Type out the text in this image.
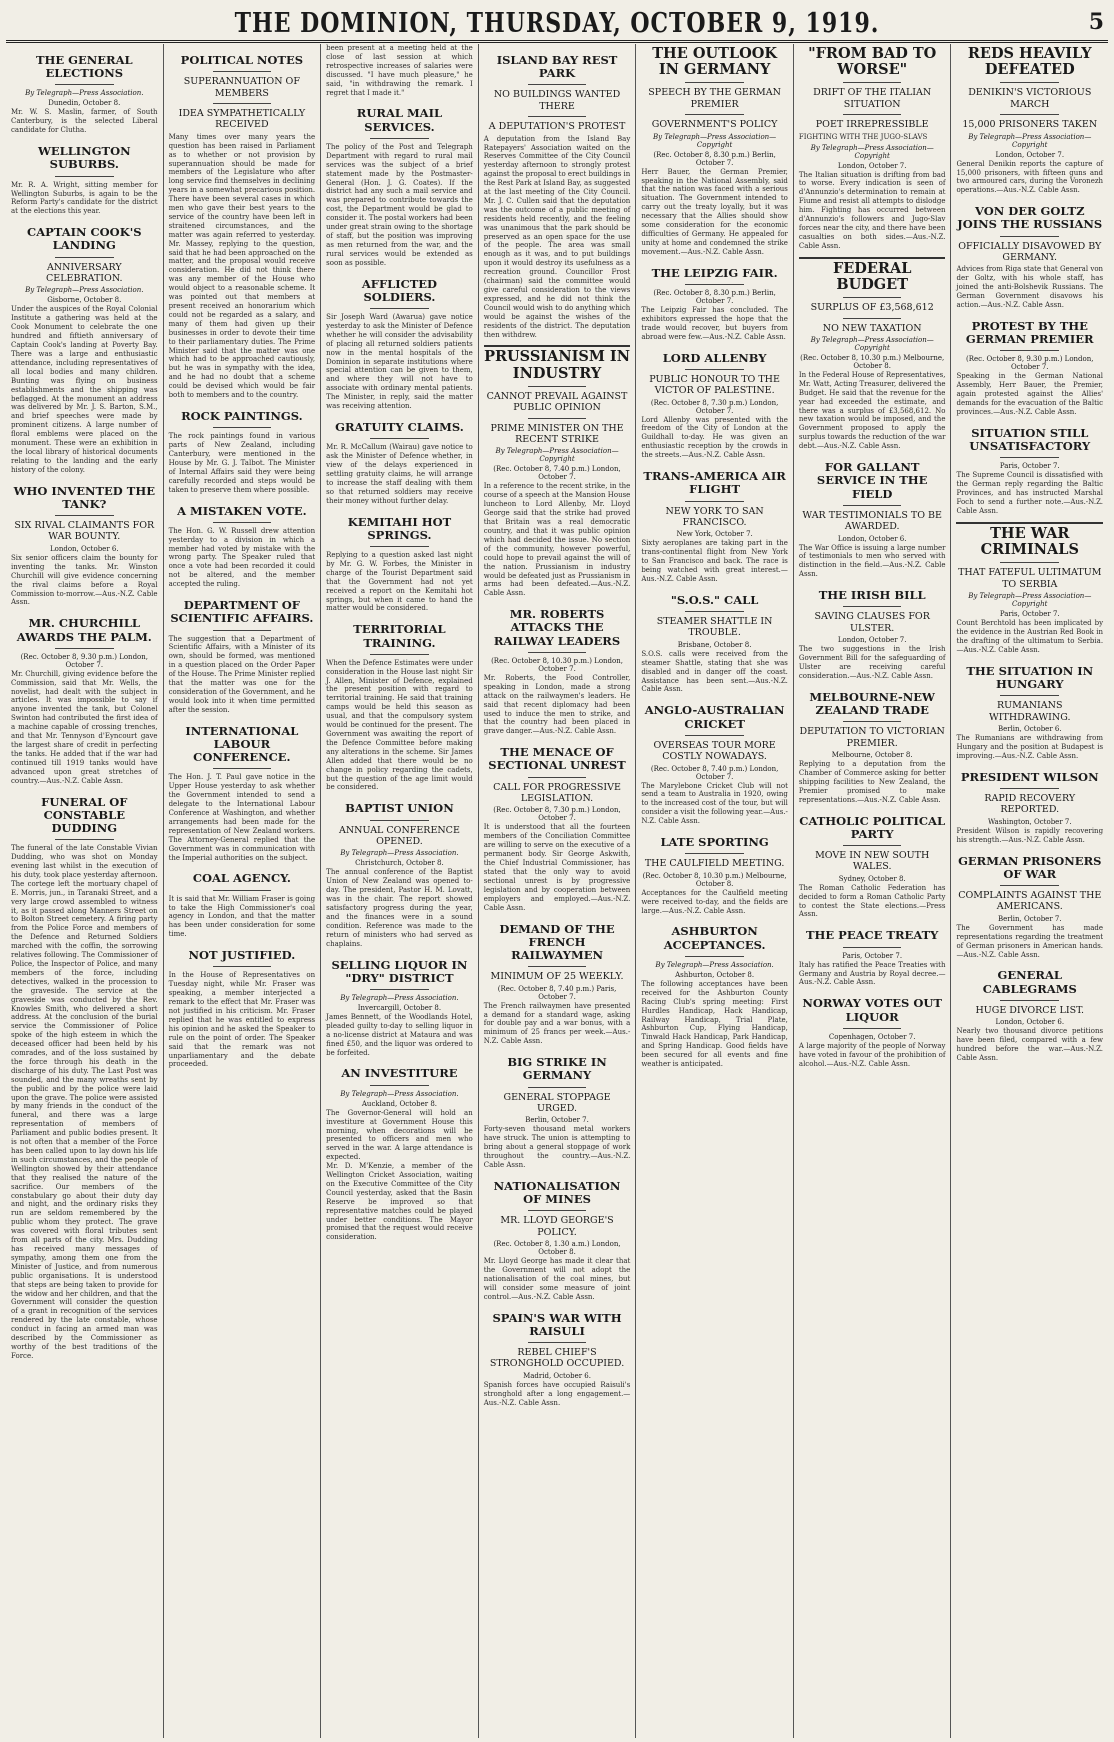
THE DOMINION, THURSDAY, OCTOBER 9, 1919.	5
THE GENERAL ELECTIONS
By Telegraph—Press Association.
Dunedin, October 8.

Mr. W. S. Maslin, farmer, of South Canterbury, is the selected Liberal candidate for Clutha.

WELLINGTON SUBURBS.

Mr. R. A. Wright, sitting member for Wellington Suburbs, is again to be the Reform Party's candidate for the district at the elections this year.

CAPTAIN COOK'S LANDING
ANNIVERSARY CELEBRATION.
By Telegraph—Press Association.
Gisborne, October 8.

Under the auspices of the Royal Colonial Institute a gathering was held at the Cook Monument to celebrate the one hundred and fiftieth anniversary of Captain Cook's landing at Poverty Bay. There was a large and enthusiastic attendance, including representatives of all local bodies and many children. Bunting was flying on business establishments and the shipping was beflagged. At the monument an address was delivered by Mr. J. S. Barton, S.M., and brief speeches were made by prominent citizens. A large number of floral emblems were placed on the monument. These were an exhibition in the local library of historical documents relating to the landing and the early history of the colony.

WHO INVENTED THE TANK?
SIX RIVAL CLAIMANTS FOR WAR BOUNTY.
London, October 6.

Six senior officers claim the bounty for inventing the tanks. Mr. Winston Churchill will give evidence concerning the rival claims before a Royal Commission to-morrow.—Aus.-N.Z. Cable Assn.

MR. CHURCHILL AWARDS THE PALM.
(Rec. October 8, 9.30 p.m.) London, October 7.

Mr. Churchill, giving evidence before the Commission, said that Mr. Wells, the novelist, had dealt with the subject in articles. It was impossible to say if anyone invented the tank, but Colonel Swinton had contributed the first idea of a machine capable of crossing trenches, and that Mr. Tennyson d'Eyncourt gave the largest share of credit in perfecting the tanks. He added that if the war had continued till 1919 tanks would have advanced upon great stretches of country.—Aus.-N.Z. Cable Assn.

FUNERAL OF CONSTABLE DUDDING

The funeral of the late Constable Vivian Dudding, who was shot on Monday evening last whilst in the execution of his duty, took place yesterday afternoon. The cortege left the mortuary chapel of E. Morris, jun., in Taranaki Street, and a very large crowd assembled to witness it, as it passed along Manners Street on to Bolton Street cemetery. A firing party from the Police Force and members of the Defence and Returned Soldiers marched with the coffin, the sorrowing relatives following. The Commissioner of Police, the Inspector of Police, and many members of the force, including detectives, walked in the procession to the graveside. The service at the graveside was conducted by the Rev. Knowles Smith, who delivered a short address. At the conclusion of the burial service the Commissioner of Police spoke of the high esteem in which the deceased officer had been held by his comrades, and of the loss sustained by the force through his death in the discharge of his duty. The Last Post was sounded, and the many wreaths sent by the public and by the police were laid upon the grave. The police were assisted by many friends in the conduct of the funeral, and there was a large representation of members of Parliament and public bodies present. It is not often that a member of the Force has been called upon to lay down his life in such circumstances, and the people of Wellington showed by their attendance that they realised the nature of the sacrifice. Our members of the constabulary go about their duty day and night, and the ordinary risks they run are seldom remembered by the public whom they protect. The grave was covered with floral tributes sent from all parts of the city. Mrs. Dudding has received many messages of sympathy, among them one from the Minister of Justice, and from numerous public organisations. It is understood that steps are being taken to provide for the widow and her children, and that the Government will consider the question of a grant in recognition of the services rendered by the late constable, whose conduct in facing an armed man was described by the Commissioner as worthy of the best traditions of the Force.

POLITICAL NOTES
SUPERANNUATION OF MEMBERS
IDEA SYMPATHETICALLY RECEIVED

Many times over many years the question has been raised in Parliament as to whether or not provision by superannuation should be made for members of the Legislature who after long service find themselves in declining years in a somewhat precarious position. There have been several cases in which men who gave their best years to the service of the country have been left in straitened circumstances, and the matter was again referred to yesterday. Mr. Massey, replying to the question, said that he had been approached on the matter, and the proposal would receive consideration. He did not think there was any member of the House who would object to a reasonable scheme. It was pointed out that members at present received an honorarium which could not be regarded as a salary, and many of them had given up their businesses in order to devote their time to their parliamentary duties. The Prime Minister said that the matter was one which had to be approached cautiously, but he was in sympathy with the idea, and he had no doubt that a scheme could be devised which would be fair both to members and to the country.

ROCK PAINTINGS.

The rock paintings found in various parts of New Zealand, including Canterbury, were mentioned in the House by Mr. G. J. Talbot. The Minister of Internal Affairs said they were being carefully recorded and steps would be taken to preserve them where possible.

A MISTAKEN VOTE.

The Hon. G. W. Russell drew attention yesterday to a division in which a member had voted by mistake with the wrong party. The Speaker ruled that once a vote had been recorded it could not be altered, and the member accepted the ruling.

DEPARTMENT OF SCIENTIFIC AFFAIRS.

The suggestion that a Department of Scientific Affairs, with a Minister of its own, should be formed, was mentioned in a question placed on the Order Paper of the House. The Prime Minister replied that the matter was one for the consideration of the Government, and he would look into it when time permitted after the session.

INTERNATIONAL LABOUR CONFERENCE.

The Hon. J. T. Paul gave notice in the Upper House yesterday to ask whether the Government intended to send a delegate to the International Labour Conference at Washington, and whether arrangements had been made for the representation of New Zealand workers. The Attorney-General replied that the Government was in communication with the Imperial authorities on the subject.

COAL AGENCY.

It is said that Mr. William Fraser is going to take the High Commissioner's coal agency in London, and that the matter has been under consideration for some time.

NOT JUSTIFIED.

In the House of Representatives on Tuesday night, while Mr. Fraser was speaking, a member interjected a remark to the effect that Mr. Fraser was not justified in his criticism. Mr. Fraser replied that he was entitled to express his opinion and he asked the Speaker to rule on the point of order. The Speaker said that the remark was not unparliamentary and the debate proceeded.

been present at a meeting held at the close of last session at which retrospective increases of salaries were discussed. "I have much pleasure," he said, "in withdrawing the remark. I regret that I made it."

RURAL MAIL SERVICES.

The policy of the Post and Telegraph Department with regard to rural mail services was the subject of a brief statement made by the Postmaster-General (Hon. J. G. Coates). If the district had any such a mail service and was prepared to contribute towards the cost, the Department would be glad to consider it. The postal workers had been under great strain owing to the shortage of staff, but the position was improving as men returned from the war, and the rural services would be extended as soon as possible.

AFFLICTED SOLDIERS.

Sir Joseph Ward (Awarua) gave notice yesterday to ask the Minister of Defence whether he will consider the advisability of placing all returned soldiers patients now in the mental hospitals of the Dominion in separate institutions where special attention can be given to them, and where they will not have to associate with ordinary mental patients. The Minister, in reply, said the matter was receiving attention.

GRATUITY CLAIMS.

Mr. R. McCallum (Wairau) gave notice to ask the Minister of Defence whether, in view of the delays experienced in settling gratuity claims, he will arrange to increase the staff dealing with them so that returned soldiers may receive their money without further delay.

KEMITAHI HOT SPRINGS.

Replying to a question asked last night by Mr. G. W. Forbes, the Minister in charge of the Tourist Department said that the Government had not yet received a report on the Kemitahi hot springs, but when it came to hand the matter would be considered.

TERRITORIAL TRAINING.

When the Defence Estimates were under consideration in the House last night Sir J. Allen, Minister of Defence, explained the present position with regard to territorial training. He said that training camps would be held this season as usual, and that the compulsory system would be continued for the present. The Government was awaiting the report of the Defence Committee before making any alterations in the scheme. Sir James Allen added that there would be no change in policy regarding the cadets, but the question of the age limit would be considered.

BAPTIST UNION
ANNUAL CONFERENCE OPENED.
By Telegraph—Press Association.
Christchurch, October 8.

The annual conference of the Baptist Union of New Zealand was opened to-day. The president, Pastor H. M. Lovatt, was in the chair. The report showed satisfactory progress during the year, and the finances were in a sound condition. Reference was made to the return of ministers who had served as chaplains.

SELLING LIQUOR IN "DRY" DISTRICT
By Telegraph—Press Association.
Invercargill, October 8.

James Bennett, of the Woodlands Hotel, pleaded guilty to-day to selling liquor in a no-license district at Mataura and was fined £50, and the liquor was ordered to be forfeited.

AN INVESTITURE
By Telegraph—Press Association.
Auckland, October 8.

The Governor-General will hold an investiture at Government House this morning, when decorations will be presented to officers and men who served in the war. A large attendance is expected.

Mr. D. M'Kenzie, a member of the Wellington Cricket Association, waiting on the Executive Committee of the City Council yesterday, asked that the Basin Reserve be improved so that representative matches could be played under better conditions. The Mayor promised that the request would receive consideration.

ISLAND BAY REST PARK
NO BUILDINGS WANTED THERE
A DEPUTATION'S PROTEST

A deputation from the Island Bay Ratepayers' Association waited on the Reserves Committee of the City Council yesterday afternoon to strongly protest against the proposal to erect buildings in the Rest Park at Island Bay, as suggested at the last meeting of the City Council. Mr. J. C. Cullen said that the deputation was the outcome of a public meeting of residents held recently, and the feeling was unanimous that the park should be preserved as an open space for the use of the people. The area was small enough as it was, and to put buildings upon it would destroy its usefulness as a recreation ground. Councillor Frost (chairman) said the committee would give careful consideration to the views expressed, and he did not think the Council would wish to do anything which would be against the wishes of the residents of the district. The deputation then withdrew.

PRUSSIANISM IN INDUSTRY
CANNOT PREVAIL AGAINST PUBLIC OPINION
PRIME MINISTER ON THE RECENT STRIKE
By Telegraph—Press Association—Copyright
(Rec. October 8, 7.40 p.m.) London, October 7.

In a reference to the recent strike, in the course of a speech at the Mansion House luncheon to Lord Allenby, Mr. Lloyd George said that the strike had proved that Britain was a real democratic country, and that it was public opinion which had decided the issue. No section of the community, however powerful, could hope to prevail against the will of the nation. Prussianism in industry would be defeated just as Prussianism in arms had been defeated.—Aus.-N.Z. Cable Assn.

MR. ROBERTS ATTACKS THE RAILWAY LEADERS
(Rec. October 8, 10.30 p.m.) London, October 7.

Mr. Roberts, the Food Controller, speaking in London, made a strong attack on the railwaymen's leaders. He said that recent diplomacy had been used to induce the men to strike, and that the country had been placed in grave danger.—Aus.-N.Z. Cable Assn.

THE MENACE OF SECTIONAL UNREST
CALL FOR PROGRESSIVE LEGISLATION.
(Rec. October 8, 7.30 p.m.) London, October 7.

It is understood that all the fourteen members of the Conciliation Committee are willing to serve on the executive of a permanent body. Sir George Askwith, the Chief Industrial Commissioner, has stated that the only way to avoid sectional unrest is by progressive legislation and by cooperation between employers and employed.—Aus.-N.Z. Cable Assn.

DEMAND OF THE FRENCH RAILWAYMEN
MINIMUM OF 25 WEEKLY.
(Rec. October 8, 7.40 p.m.) Paris, October 7.

The French railwaymen have presented a demand for a standard wage, asking for double pay and a war bonus, with a minimum of 25 francs per week.—Aus.-N.Z. Cable Assn.

BIG STRIKE IN GERMANY
GENERAL STOPPAGE URGED.
Berlin, October 7.

Forty-seven thousand metal workers have struck. The union is attempting to bring about a general stoppage of work throughout the country.—Aus.-N.Z. Cable Assn.

NATIONALISATION OF MINES
MR. LLOYD GEORGE'S POLICY.
(Rec. October 8, 1.30 a.m.) London, October 8.

Mr. Lloyd George has made it clear that the Government will not adopt the nationalisation of the coal mines, but will consider some measure of joint control.—Aus.-N.Z. Cable Assn.

SPAIN'S WAR WITH RAISULI
REBEL CHIEF'S STRONGHOLD OCCUPIED.
Madrid, October 6.

Spanish forces have occupied Raisuli's stronghold after a long engagement.—Aus.-N.Z. Cable Assn.

THE OUTLOOK IN GERMANY
SPEECH BY THE GERMAN PREMIER
GOVERNMENT'S POLICY
By Telegraph—Press Association—Copyright
(Rec. October 8, 8.30 p.m.) Berlin, October 7.

Herr Bauer, the German Premier, speaking in the National Assembly, said that the nation was faced with a serious situation. The Government intended to carry out the treaty loyally, but it was necessary that the Allies should show some consideration for the economic difficulties of Germany. He appealed for unity at home and condemned the strike movement.—Aus.-N.Z. Cable Assn.

THE LEIPZIG FAIR.
(Rec. October 8, 8.30 p.m.) Berlin, October 7.

The Leipzig Fair has concluded. The exhibitors expressed the hope that the trade would recover, but buyers from abroad were few.—Aus.-N.Z. Cable Assn.

LORD ALLENBY
PUBLIC HONOUR TO THE VICTOR OF PALESTINE.
(Rec. October 8, 7.30 p.m.) London, October 7.

Lord Allenby was presented with the freedom of the City of London at the Guildhall to-day. He was given an enthusiastic reception by the crowds in the streets.—Aus.-N.Z. Cable Assn.

TRANS-AMERICA AIR FLIGHT
NEW YORK TO SAN FRANCISCO.
New York, October 7.

Sixty aeroplanes are taking part in the trans-continental flight from New York to San Francisco and back. The race is being watched with great interest.—Aus.-N.Z. Cable Assn.

"S.O.S." CALL
STEAMER SHATTLE IN TROUBLE.
Brisbane, October 8.

S.O.S. calls were received from the steamer Shattle, stating that she was disabled and in danger off the coast. Assistance has been sent.—Aus.-N.Z. Cable Assn.

ANGLO-AUSTRALIAN CRICKET
OVERSEAS TOUR MORE COSTLY NOWADAYS.
(Rec. October 8, 7.40 p.m.) London, October 7.

The Marylebone Cricket Club will not send a team to Australia in 1920, owing to the increased cost of the tour, but will consider a visit the following year.—Aus.-N.Z. Cable Assn.

LATE SPORTING
THE CAULFIELD MEETING.
(Rec. October 8, 10.30 p.m.) Melbourne, October 8.

Acceptances for the Caulfield meeting were received to-day, and the fields are large.—Aus.-N.Z. Cable Assn.

ASHBURTON ACCEPTANCES.
By Telegraph—Press Association.
Ashburton, October 8.

The following acceptances have been received for the Ashburton County Racing Club's spring meeting: First Hurdles Handicap, Hack Handicap, Railway Handicap, Trial Plate, Ashburton Cup, Flying Handicap, Tinwald Hack Handicap, Park Handicap, and Spring Handicap. Good fields have been secured for all events and fine weather is anticipated.

"FROM BAD TO WORSE"
DRIFT OF THE ITALIAN SITUATION
POET IRREPRESSIBLE

FIGHTING WITH THE JUGO-SLAVS

By Telegraph—Press Association—Copyright
London, October 7.

The Italian situation is drifting from bad to worse. Every indication is seen of d'Annunzio's determination to remain at Fiume and resist all attempts to dislodge him. Fighting has occurred between d'Annunzio's followers and Jugo-Slav forces near the city, and there have been casualties on both sides.—Aus.-N.Z. Cable Assn.

FEDERAL BUDGET
SURPLUS OF £3,568,612
NO NEW TAXATION
By Telegraph—Press Association—Copyright
(Rec. October 8, 10.30 p.m.) Melbourne, October 8.

In the Federal House of Representatives, Mr. Watt, Acting Treasurer, delivered the Budget. He said that the revenue for the year had exceeded the estimate, and there was a surplus of £3,568,612. No new taxation would be imposed, and the Government proposed to apply the surplus towards the reduction of the war debt.—Aus.-N.Z. Cable Assn.

FOR GALLANT SERVICE IN THE FIELD
WAR TESTIMONIALS TO BE AWARDED.
London, October 6.

The War Office is issuing a large number of testimonials to men who served with distinction in the field.—Aus.-N.Z. Cable Assn.

THE IRISH BILL
SAVING CLAUSES FOR ULSTER.
London, October 7.

The two suggestions in the Irish Government Bill for the safeguarding of Ulster are receiving careful consideration.—Aus.-N.Z. Cable Assn.

MELBOURNE-NEW ZEALAND TRADE
DEPUTATION TO VICTORIAN PREMIER.
Melbourne, October 8.

Replying to a deputation from the Chamber of Commerce asking for better shipping facilities to New Zealand, the Premier promised to make representations.—Aus.-N.Z. Cable Assn.

CATHOLIC POLITICAL PARTY
MOVE IN NEW SOUTH WALES.
Sydney, October 8.

The Roman Catholic Federation has decided to form a Roman Catholic Party to contest the State elections.—Press Assn.

THE PEACE TREATY
Paris, October 7.

Italy has ratified the Peace Treaties with Germany and Austria by Royal decree.—Aus.-N.Z. Cable Assn.

NORWAY VOTES OUT LIQUOR
Copenhagen, October 7.

A large majority of the people of Norway have voted in favour of the prohibition of alcohol.—Aus.-N.Z. Cable Assn.

REDS HEAVILY DEFEATED
DENIKIN'S VICTORIOUS MARCH
15,000 PRISONERS TAKEN
By Telegraph—Press Association—Copyright
London, October 7.

General Denikin reports the capture of 15,000 prisoners, with fifteen guns and two armoured cars, during the Voronezh operations.—Aus.-N.Z. Cable Assn.

VON DER GOLTZ JOINS THE RUSSIANS
OFFICIALLY DISAVOWED BY GERMANY.

Advices from Riga state that General von der Goltz, with his whole staff, has joined the anti-Bolshevik Russians. The German Government disavows his action.—Aus.-N.Z. Cable Assn.

PROTEST BY THE GERMAN PREMIER
(Rec. October 8, 9.30 p.m.) London, October 7.

Speaking in the German National Assembly, Herr Bauer, the Premier, again protested against the Allies' demands for the evacuation of the Baltic provinces.—Aus.-N.Z. Cable Assn.

SITUATION STILL UNSATISFACTORY
Paris, October 7.

The Supreme Council is dissatisfied with the German reply regarding the Baltic Provinces, and has instructed Marshal Foch to send a further note.—Aus.-N.Z. Cable Assn.

THE WAR CRIMINALS
THAT FATEFUL ULTIMATUM TO SERBIA
By Telegraph—Press Association—Copyright
Paris, October 7.

Count Berchtold has been implicated by the evidence in the Austrian Red Book in the drafting of the ultimatum to Serbia.—Aus.-N.Z. Cable Assn.

THE SITUATION IN HUNGARY
RUMANIANS WITHDRAWING.
Berlin, October 6.

The Rumanians are withdrawing from Hungary and the position at Budapest is improving.—Aus.-N.Z. Cable Assn.

PRESIDENT WILSON
RAPID RECOVERY REPORTED.
Washington, October 7.

President Wilson is rapidly recovering his strength.—Aus.-N.Z. Cable Assn.

GERMAN PRISONERS OF WAR
COMPLAINTS AGAINST THE AMERICANS.
Berlin, October 7.

The Government has made representations regarding the treatment of German prisoners in American hands.—Aus.-N.Z. Cable Assn.

GENERAL CABLEGRAMS
HUGE DIVORCE LIST.
London, October 6.

Nearly two thousand divorce petitions have been filed, compared with a few hundred before the war.—Aus.-N.Z. Cable Assn.
